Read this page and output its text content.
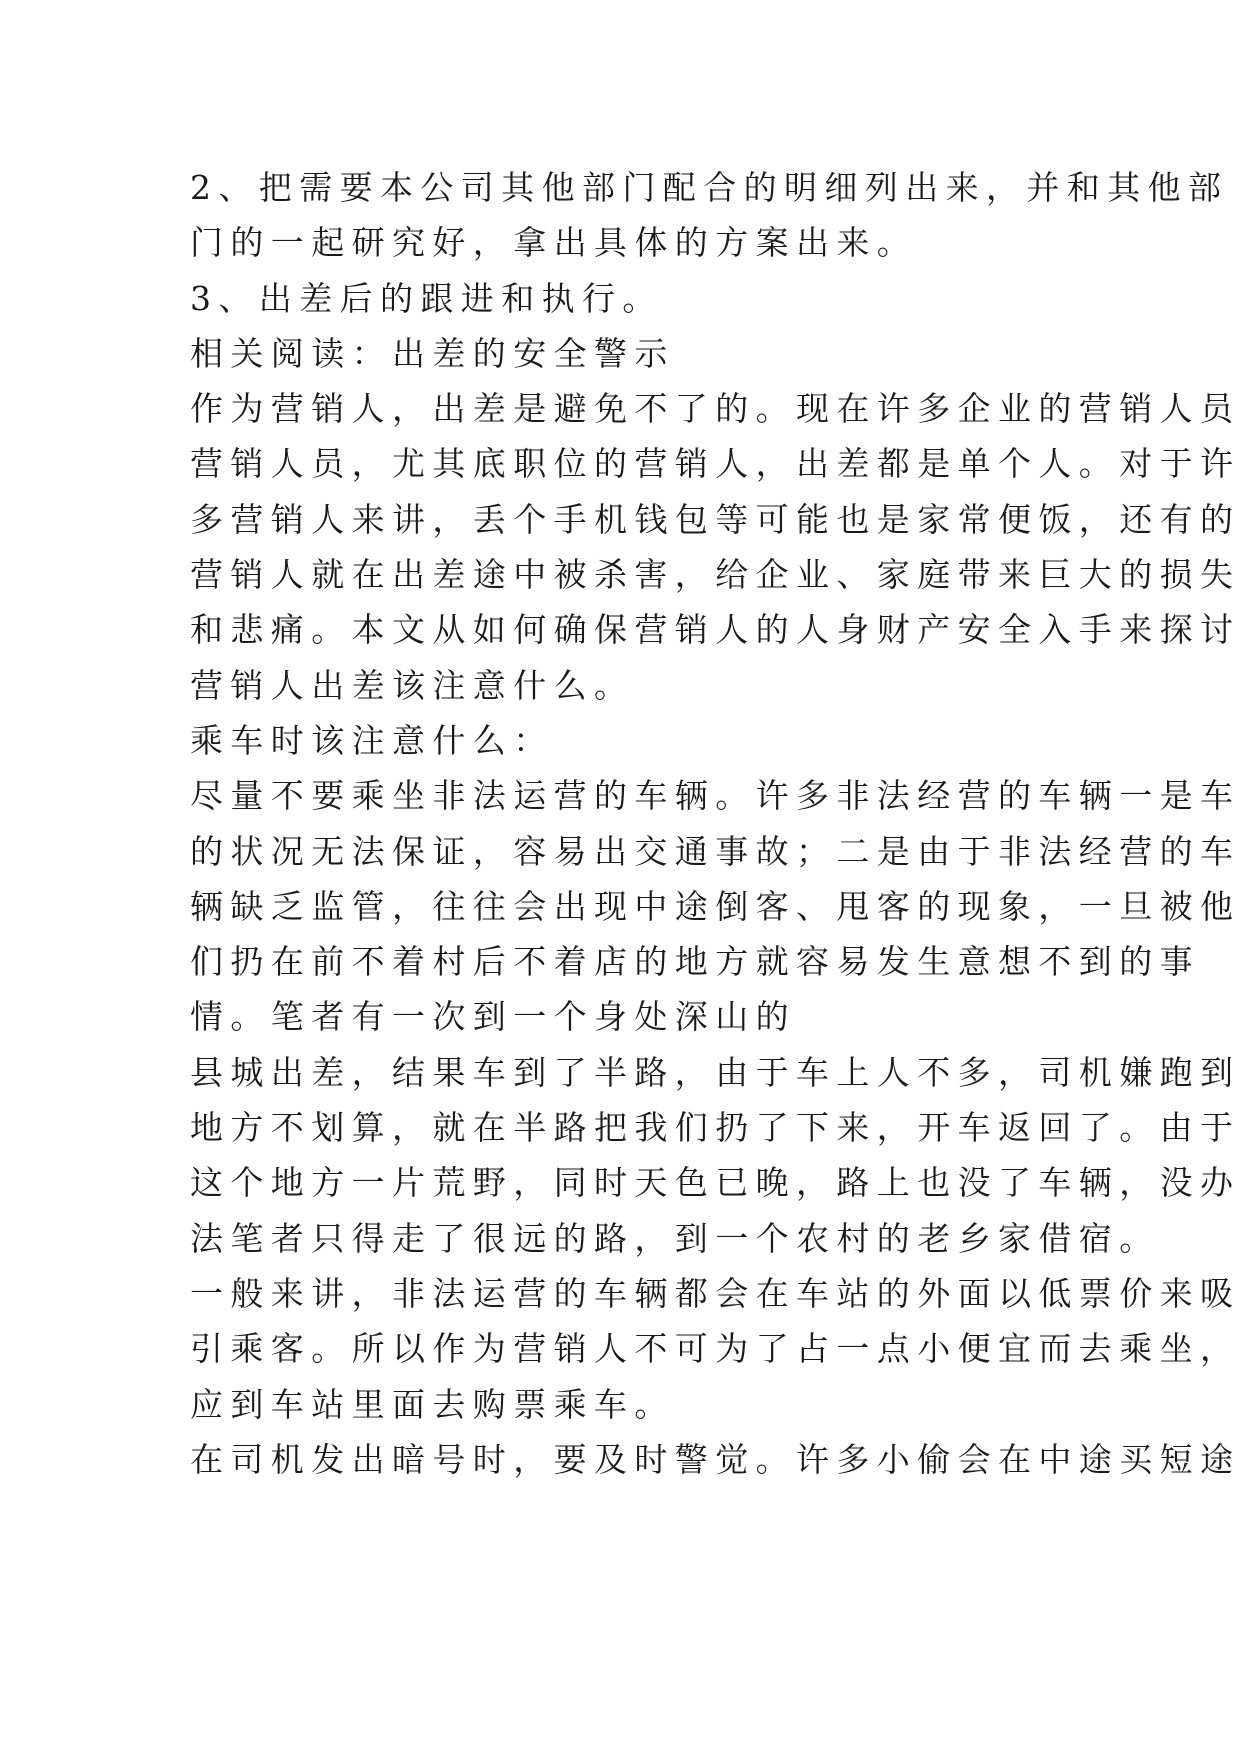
2、把需要本公司其他部门配合的明细列出来，并和其他部
门的一起研究好，拿出具体的方案出来。
3、出差后的跟进和执行。
相关阅读：出差的安全警示
作为营销人，出差是避免不了的。现在许多企业的营销人员
营销人员，尤其底职位的营销人，出差都是单个人。对于许
多营销人来讲，丢个手机钱包等可能也是家常便饭，还有的
营销人就在出差途中被杀害，给企业、家庭带来巨大的损失
和悲痛。本文从如何确保营销人的人身财产安全入手来探讨
营销人出差该注意什么。
乘车时该注意什么：
尽量不要乘坐非法运营的车辆。许多非法经营的车辆一是车
的状况无法保证，容易出交通事故；二是由于非法经营的车
辆缺乏监管，往往会出现中途倒客、甩客的现象，一旦被他
们扔在前不着村后不着店的地方就容易发生意想不到的事
情。笔者有一次到一个身处深山的
县城出差，结果车到了半路，由于车上人不多，司机嫌跑到
地方不划算，就在半路把我们扔了下来，开车返回了。由于
这个地方一片荒野，同时天色已晚，路上也没了车辆，没办
法笔者只得走了很远的路，到一个农村的老乡家借宿。
一般来讲，非法运营的车辆都会在车站的外面以低票价来吸
引乘客。所以作为营销人不可为了占一点小便宜而去乘坐，
应到车站里面去购票乘车。
在司机发出暗号时，要及时警觉。许多小偷会在中途买短途
